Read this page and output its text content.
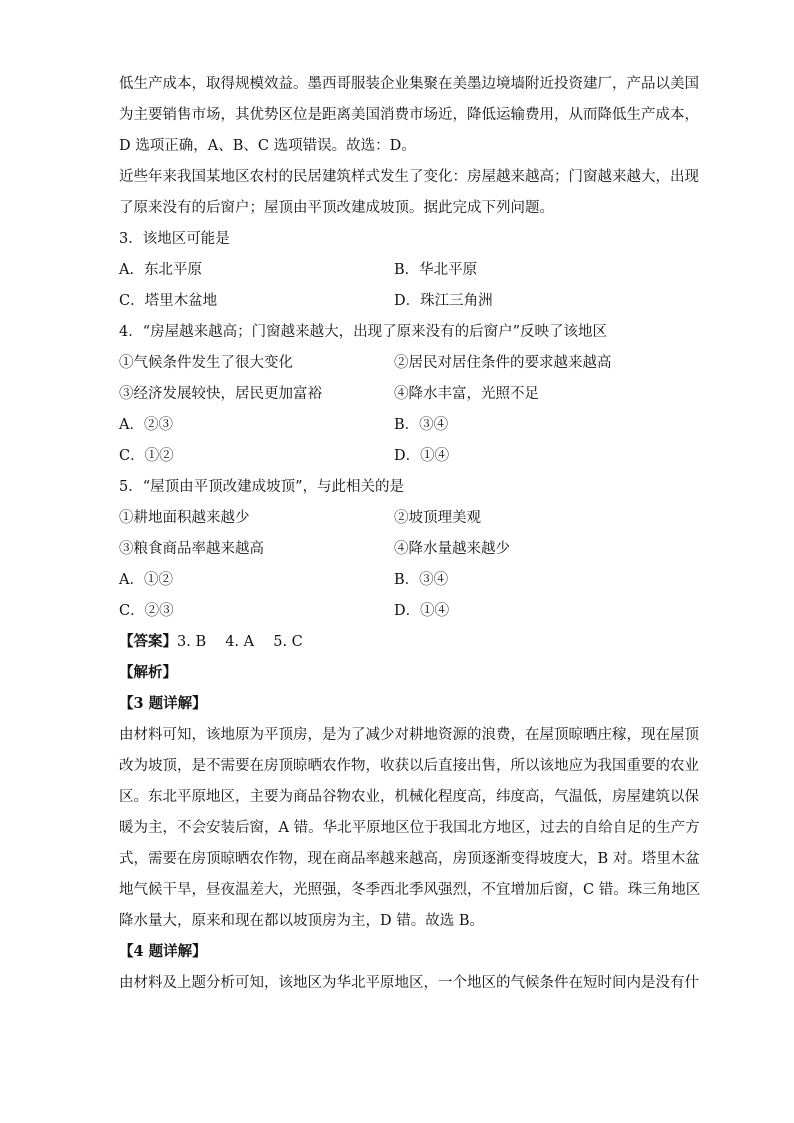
低生产成本，取得规模效益。墨西哥服装企业集聚在美墨边境墙附近投资建厂，产品以美国
为主要销售市场，其优势区位是距离美国消费市场近，降低运输费用，从而降低生产成本，
D 选项正确，A、B、C 选项错误。故选：D。
近些年来我国某地区农村的民居建筑样式发生了变化：房屋越来越高；门窗越来越大，出现
了原来没有的后窗户；屋顶由平顶改建成坡顶。据此完成下列问题。
3．该地区可能是
A．东北平原	B．华北平原
C．塔里木盆地	D．珠江三角洲
4．“房屋越来越高；门窗越来越大，出现了原来没有的后窗户”反映了该地区
①气候条件发生了很大变化	②居民对居住条件的要求越来越高
③经济发展较快，居民更加富裕	④降水丰富，光照不足
A．②③	B．③④
C．①②	D．①④
5．“屋顶由平顶改建成坡顶”，与此相关的是
①耕地面积越来越少	②坡顶理美观
③粮食商品率越来越高	④降水量越来越少
A．①②	B．③④
C．②③	D．①④
【答案】3. B　 4. A　 5. C
【解析】
【3 题详解】
由材料可知，该地原为平顶房，是为了减少对耕地资源的浪费，在屋顶晾晒庄稼，现在屋顶
改为坡顶，是不需要在房顶晾晒农作物，收获以后直接出售，所以该地应为我国重要的农业
区。东北平原地区，主要为商品谷物农业，机械化程度高，纬度高，气温低，房屋建筑以保
暖为主，不会安装后窗，A 错。华北平原地区位于我国北方地区，过去的自给自足的生产方
式，需要在房顶晾晒农作物，现在商品率越来越高，房顶逐渐变得坡度大，B 对。塔里木盆
地气候干旱，昼夜温差大，光照强，冬季西北季风强烈，不宜增加后窗，C 错。珠三角地区
降水量大，原来和现在都以坡顶房为主，D 错。故选 B。
【4 题详解】
由材料及上题分析可知，该地区为华北平原地区，一个地区的气候条件在短时间内是没有什
